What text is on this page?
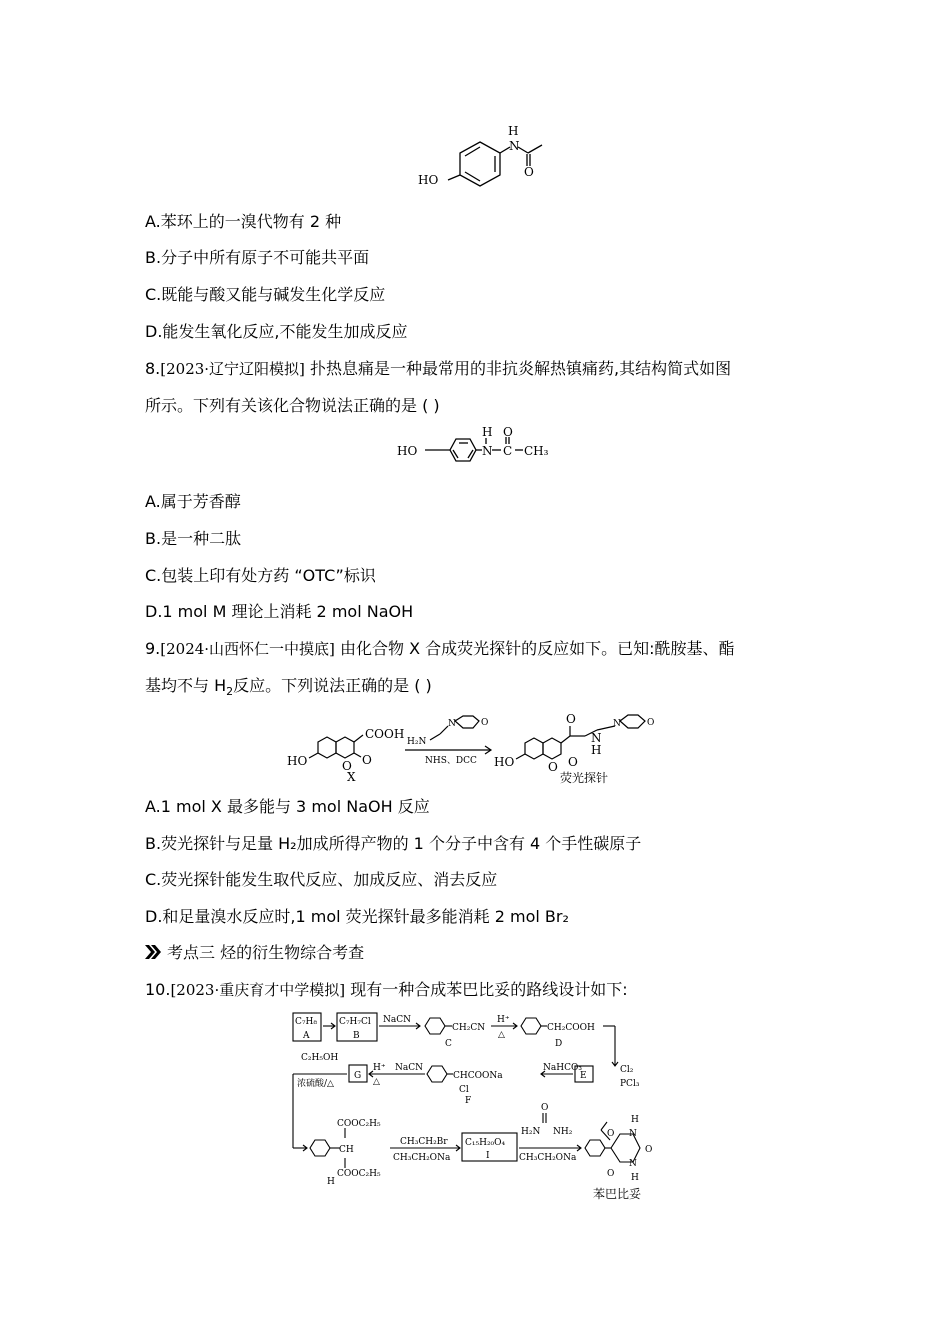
N
H
O
HO
A.苯环上的一溴代物有 2 种
B.分子中所有原子不可能共平面
C.既能与酸又能与碱发生化学反应
D.能发生氧化反应,不能发生加成反应
8.[2023·辽宁辽阳模拟] 扑热息痛是一种最常用的非抗炎解热镇痛药,其结构简式如图
所示。下列有关该化合物说法正确的是 ( )
HO	N
H O
C CH₃
A.属于芳香醇
B.是一种二肽
C.包装上印有处方药 “OTC”标识
D.1 mol M 理论上消耗 2 mol NaOH
9.[2024·山西怀仁一中摸底] 由化合物 X 合成荧光探针的反应如下。已知:酰胺基、酯
基均不与 $H_2$反应。下列说法正确的是 ( )
COOH
HO	O O
X
H₂N
N	O
NHS、DCC HO	O O
O
N
H
N	O
荧光探针
A.1 mol X 最多能与 3 mol NaOH 反应
B.荧光探针与足量 H₂加成所得产物的 1 个分子中含有 4 个手性碳原子
C.荧光探针能发生取代反应、加成反应、消去反应
D.和足量溴水反应时,1 mol 荧光探针最多能消耗 2 mol Br₂
考点三 烃的衍生物综合考查
10.[2023·重庆育才中学模拟] 现有一种合成苯巴比妥的路线设计如下:
C₇H₈
A
C₇H₇Cl
B
NaCN
CH₂CN
C
H⁺
△
CH₂COOH
D
Cl₂
PCl₃
E
NaHCO₃
CHCOONa
Cl
F
NaCN
H⁺
△
G
C₂H₅OH
浓硫酸/△
COOC₂H₅
CH
COOC₂H₅
H
CH₃CH₂Br
CH₃CH₂ONa
C₁₅H₂₀O₄
I
O
H₂N NH₂
CH₃CH₂ONa
H
N
O
O
N
H
O
苯巴比妥
